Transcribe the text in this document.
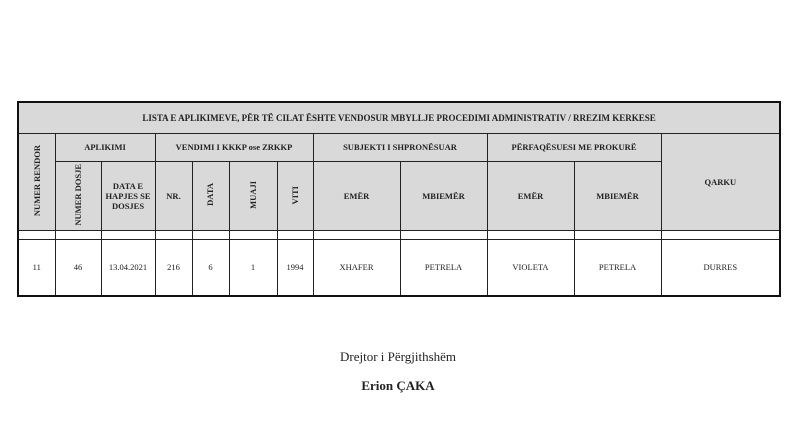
LISTA E APLIKIMEVE, PËR TË CILAT ËSHTE VENDOSUR MBYLLJE PROCEDIMI ADMINISTRATIV / RREZIM KERKESE											
NUMER RENDOR	APLIKIMI		VENDIMI I KKKP ose ZRKKP				SUBJEKTI I SHPRONËSUAR		PËRFAQËSUESI ME PROKURË		QARKU
	NUMER DOSJE	DATA E HAPJES SE DOSJES	NR.	DATA	MUAJI	VITI	EMËR	MBIEMËR	EMËR	MBIEMËR	

11	46	13.04.2021	216	6	1	1994	XHAFER	PETRELA	VIOLETA	PETRELA	DURRES
Drejtor i Përgjithshëm
Erion ÇAKA
